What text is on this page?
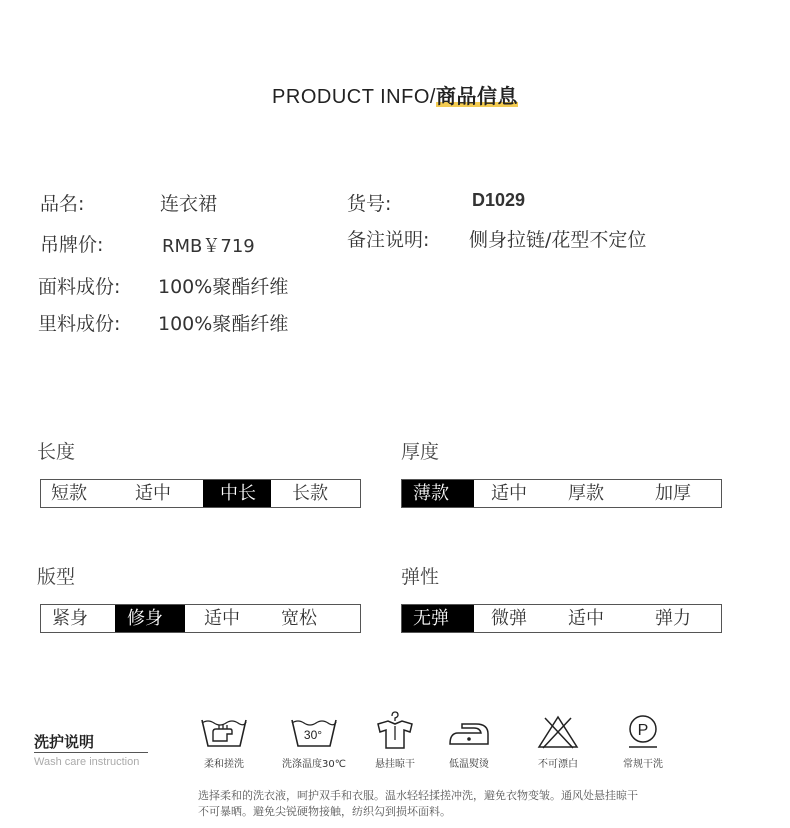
PRODUCT INFO/商品信息
品名:	连衣裙	货号:	D1029
吊牌价:	RMB￥719	备注说明: 侧身拉链/花型不定位
面料成份: 100%聚酯纤维
里料成份: 100%聚酯纤维
长度
短款	适中	中长	长款
厚度
薄款	适中	厚款	加厚
版型
紧身	修身	适中	宽松
弹性
无弹	微弹	适中	弹力
洗护说明
Wash care instruction	柔和搓洗
30°
洗涤温度30℃	悬挂晾干	低温熨烫	不可漂白
P
常规干洗
选择柔和的洗衣液，呵护双手和衣服。温水轻轻揉搓冲洗，避免衣物变皱。通风处悬挂晾干
不可暴晒。避免尖锐硬物接触，纺织勾到损坏面料。
